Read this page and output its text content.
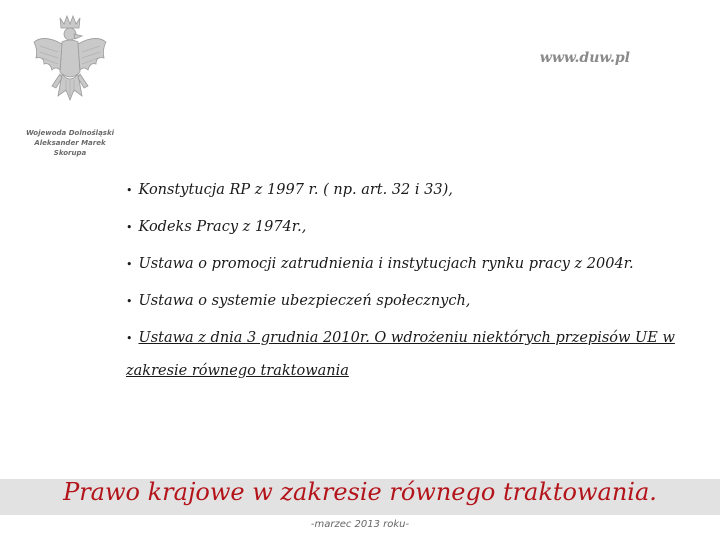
Wojewoda Dolnośląski
Aleksander Marek Skorupa
www.duw.pl
• Konstytucja RP z 1997 r. ( np. art. 32 i 33),
• Kodeks Pracy z 1974r.,
• Ustawa o promocji zatrudnienia i instytucjach rynku pracy z 2004r.
• Ustawa o systemie ubezpieczeń społecznych,
• Ustawa z dnia 3 grudnia 2010r. O wdrożeniu niektórych przepisów UE w zakresie równego traktowania
Prawo krajowe w zakresie równego traktowania.
-marzec 2013 roku-
